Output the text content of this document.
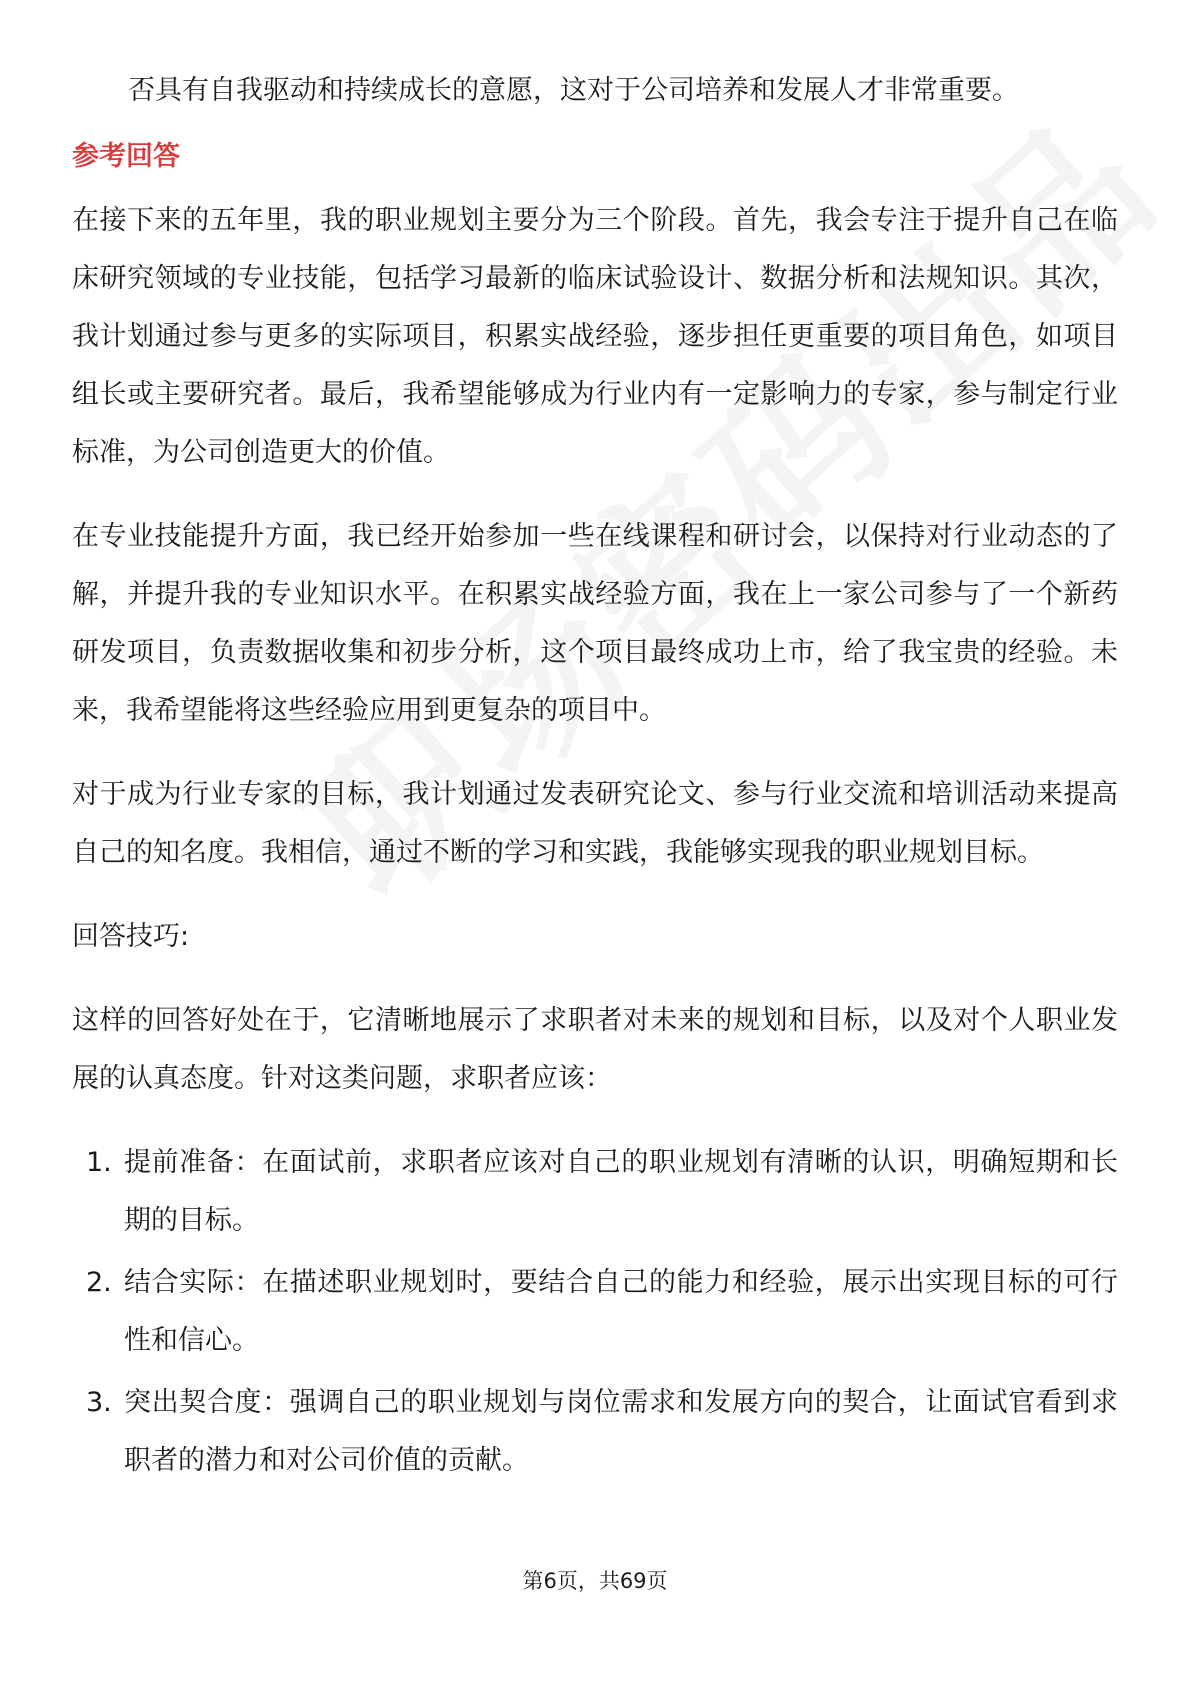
否具有自我驱动和持续成长的意愿，这对于公司培养和发展人才非常重要。

参考回答

在接下来的五年里，我的职业规划主要分为三个阶段。首先，我会专注于提升自己在临床研究领域的专业技能，包括学习最新的临床试验设计、数据分析和法规知识。其次，我计划通过参与更多的实际项目，积累实战经验，逐步担任更重要的项目角色，如项目组长或主要研究者。最后，我希望能够成为行业内有一定影响力的专家，参与制定行业标准，为公司创造更大的价值。

在专业技能提升方面，我已经开始参加一些在线课程和研讨会，以保持对行业动态的了解，并提升我的专业知识水平。在积累实战经验方面，我在上一家公司参与了一个新药研发项目，负责数据收集和初步分析，这个项目最终成功上市，给了我宝贵的经验。未来，我希望能将这些经验应用到更复杂的项目中。

对于成为行业专家的目标，我计划通过发表研究论文、参与行业交流和培训活动来提高自己的知名度。我相信，通过不断的学习和实践，我能够实现我的职业规划目标。

回答技巧:

这样的回答好处在于，它清晰地展示了求职者对未来的规划和目标，以及对个人职业发展的认真态度。针对这类问题，求职者应该：

1. 提前准备：在面试前，求职者应该对自己的职业规划有清晰的认识，明确短期和长期的目标。
2. 结合实际：在描述职业规划时，要结合自己的能力和经验，展示出实现目标的可行性和信心。
3. 突出契合度：强调自己的职业规划与岗位需求和发展方向的契合，让面试官看到求职者的潜力和对公司价值的贡献。
第6页，共69页
